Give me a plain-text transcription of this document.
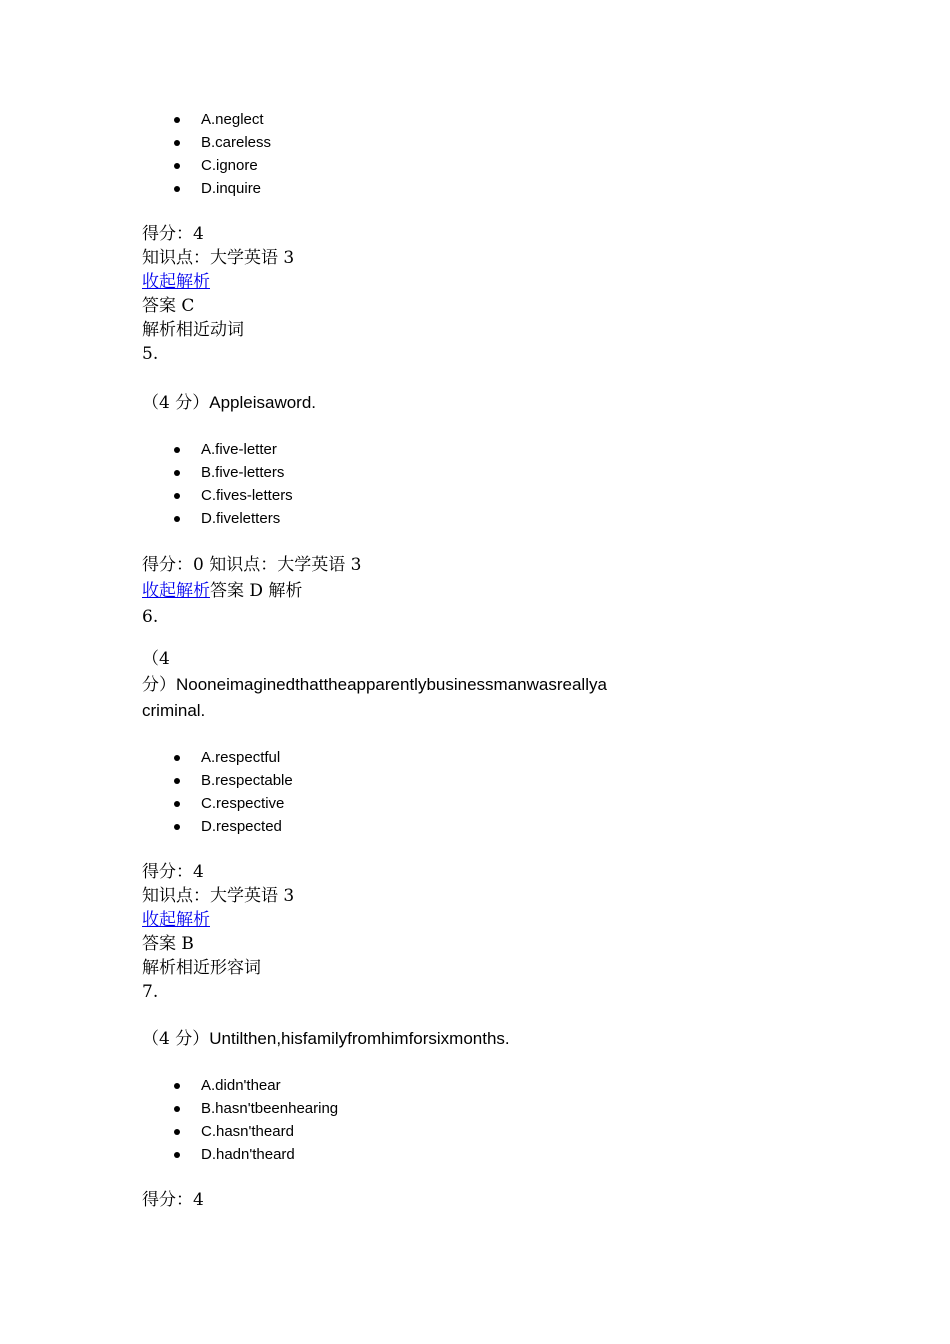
A.neglect
B.careless
C.ignore
D.inquire
得分：4
知识点：大学英语 3
收起解析
答案 C
解析相近动词
5.
（4 分）Appleisaword.
A.five-letter
B.five-letters
C.fives-letters
D.fiveletters
得分：0 知识点：大学英语 3
收起解析答案 D 解析
6.
（4
分）Nooneimaginedthattheapparentlybusinessmanwasreallya
criminal.
A.respectful
B.respectable
C.respective
D.respected
得分：4
知识点：大学英语 3
收起解析
答案 B
解析相近形容词
7.
（4 分）Untilthen,hisfamilyfromhimforsixmonths.
A.didn'thear
B.hasn'tbeenhearing
C.hasn'theard
D.hadn'theard
得分：4
